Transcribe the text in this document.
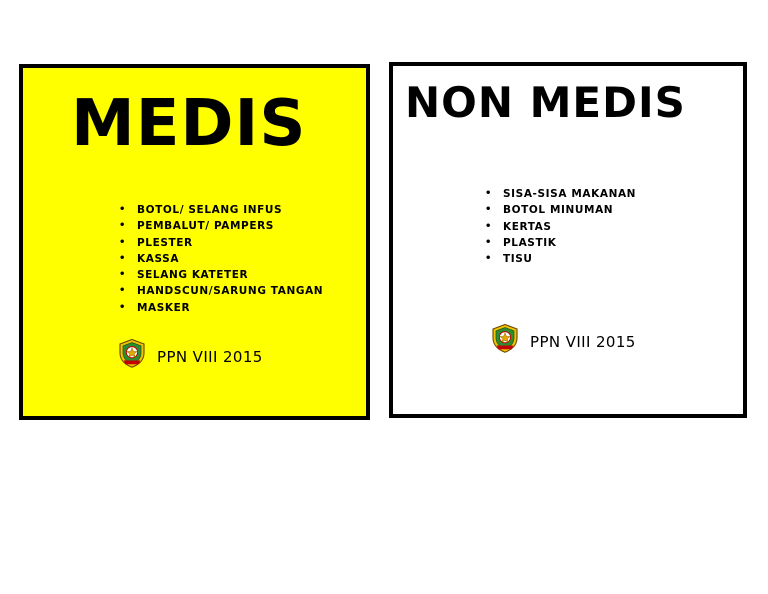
MEDIS
• BOTOL/ SELANG INFUS
• PEMBALUT/ PAMPERS
• PLESTER
• KASSA
• SELANG KATETER
• HANDSCUN/SARUNG TANGAN
• MASKER
PPN VIII 2015
NON MEDIS
• SISA-SISA MAKANAN
• BOTOL MINUMAN
• KERTAS
• PLASTIK
• TISU
PPN VIII 2015
